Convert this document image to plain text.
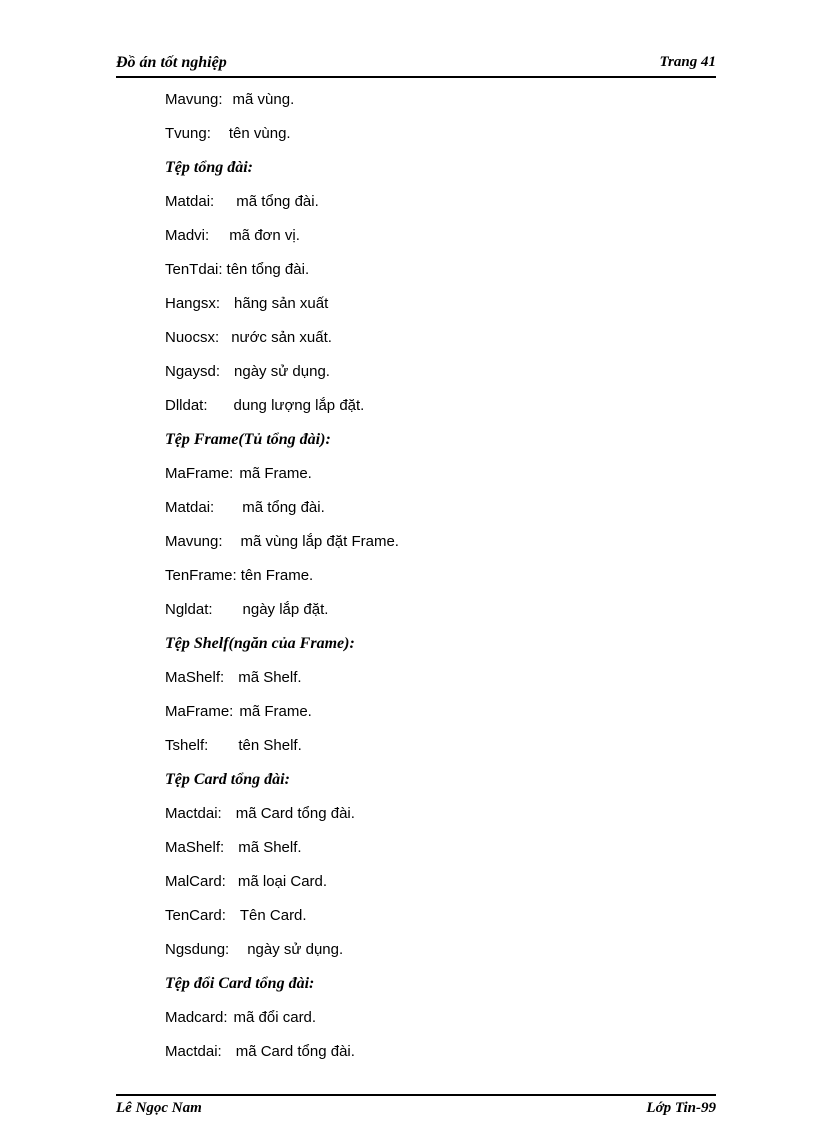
Đồ án tốt nghiệp	Trang 41
Mavung: mã vùng.
Tvung: tên vùng.
Tệp tổng đài:
Matdai: mã tổng đài.
Madvi: mã đơn vị.
TenTdai: tên tổng đài.
Hangsx: hãng sản xuất
Nuocsx: nước sản xuất.
Ngaysd: ngày sử dụng.
Dlldat: dung lượng lắp đặt.
Tệp Frame(Tủ tổng đài):
MaFrame: mã Frame.
Matdai: mã tổng đài.
Mavung: mã vùng lắp đặt Frame.
TenFrame: tên Frame.
Ngldat: ngày lắp đặt.
Tệp Shelf(ngăn của Frame):
MaShelf: mã Shelf.
MaFrame: mã Frame.
Tshelf: tên Shelf.
Tệp Card tổng đài:
Mactdai: mã Card tổng đài.
MaShelf: mã Shelf.
MalCard: mã loại Card.
TenCard: Tên Card.
Ngsdung: ngày sử dụng.
Tệp đổi Card tổng đài:
Madcard: mã đổi card.
Mactdai: mã Card tổng đài.
Lê Ngọc Nam	Lớp Tin-99
